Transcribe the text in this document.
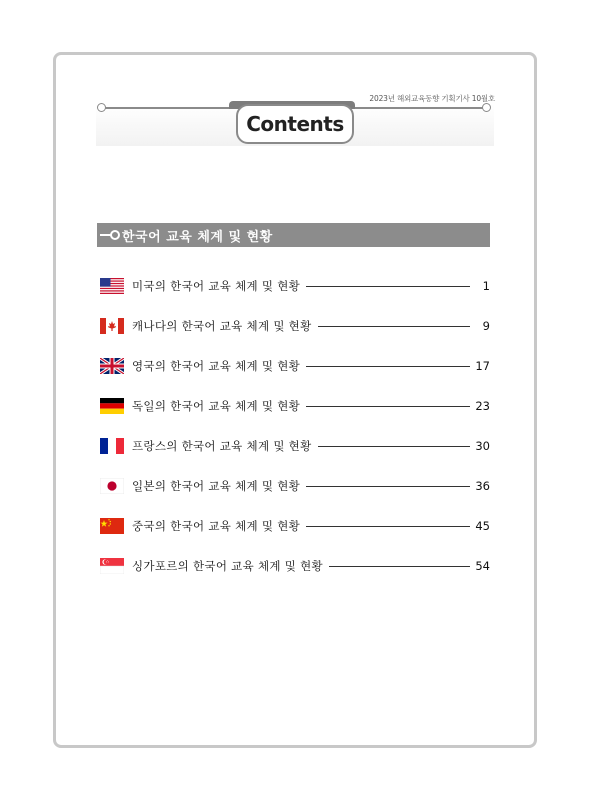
2023년 해외교육동향 기획기사 10월호
Contents
한국어 교육 체계 및 현황
미국의 한국어 교육 체계 및 현황	1
캐나다의 한국어 교육 체계 및 현황	9
영국의 한국어 교육 체계 및 현황	17
독일의 한국어 교육 체계 및 현황	23
프랑스의 한국어 교육 체계 및 현황	30
일본의 한국어 교육 체계 및 현황	36
중국의 한국어 교육 체계 및 현황	45
싱가포르의 한국어 교육 체계 및 현황	54
